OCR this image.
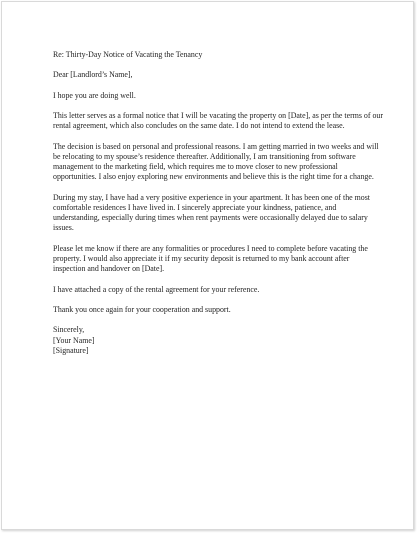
Re: Thirty-Day Notice of Vacating the Tenancy

Dear [Landlord’s Name],

I hope you are doing well.

This letter serves as a formal notice that I will be vacating the property on [Date], as per the terms of our rental agreement, which also concludes on the same date. I do not intend to extend the lease.

The decision is based on personal and professional reasons. I am getting married in two weeks and will be relocating to my spouse’s residence thereafter. Additionally, I am transitioning from software management to the marketing field, which requires me to move closer to new professional opportunities. I also enjoy exploring new environments and believe this is the right time for a change.

During my stay, I have had a very positive experience in your apartment. It has been one of the most comfortable residences I have lived in. I sincerely appreciate your kindness, patience, and understanding, especially during times when rent payments were occasionally delayed due to salary issues.

Please let me know if there are any formalities or procedures I need to complete before vacating the property. I would also appreciate it if my security deposit is returned to my bank account after inspection and handover on [Date].

I have attached a copy of the rental agreement for your reference.

Thank you once again for your cooperation and support.

Sincerely,
[Your Name]
[Signature]
